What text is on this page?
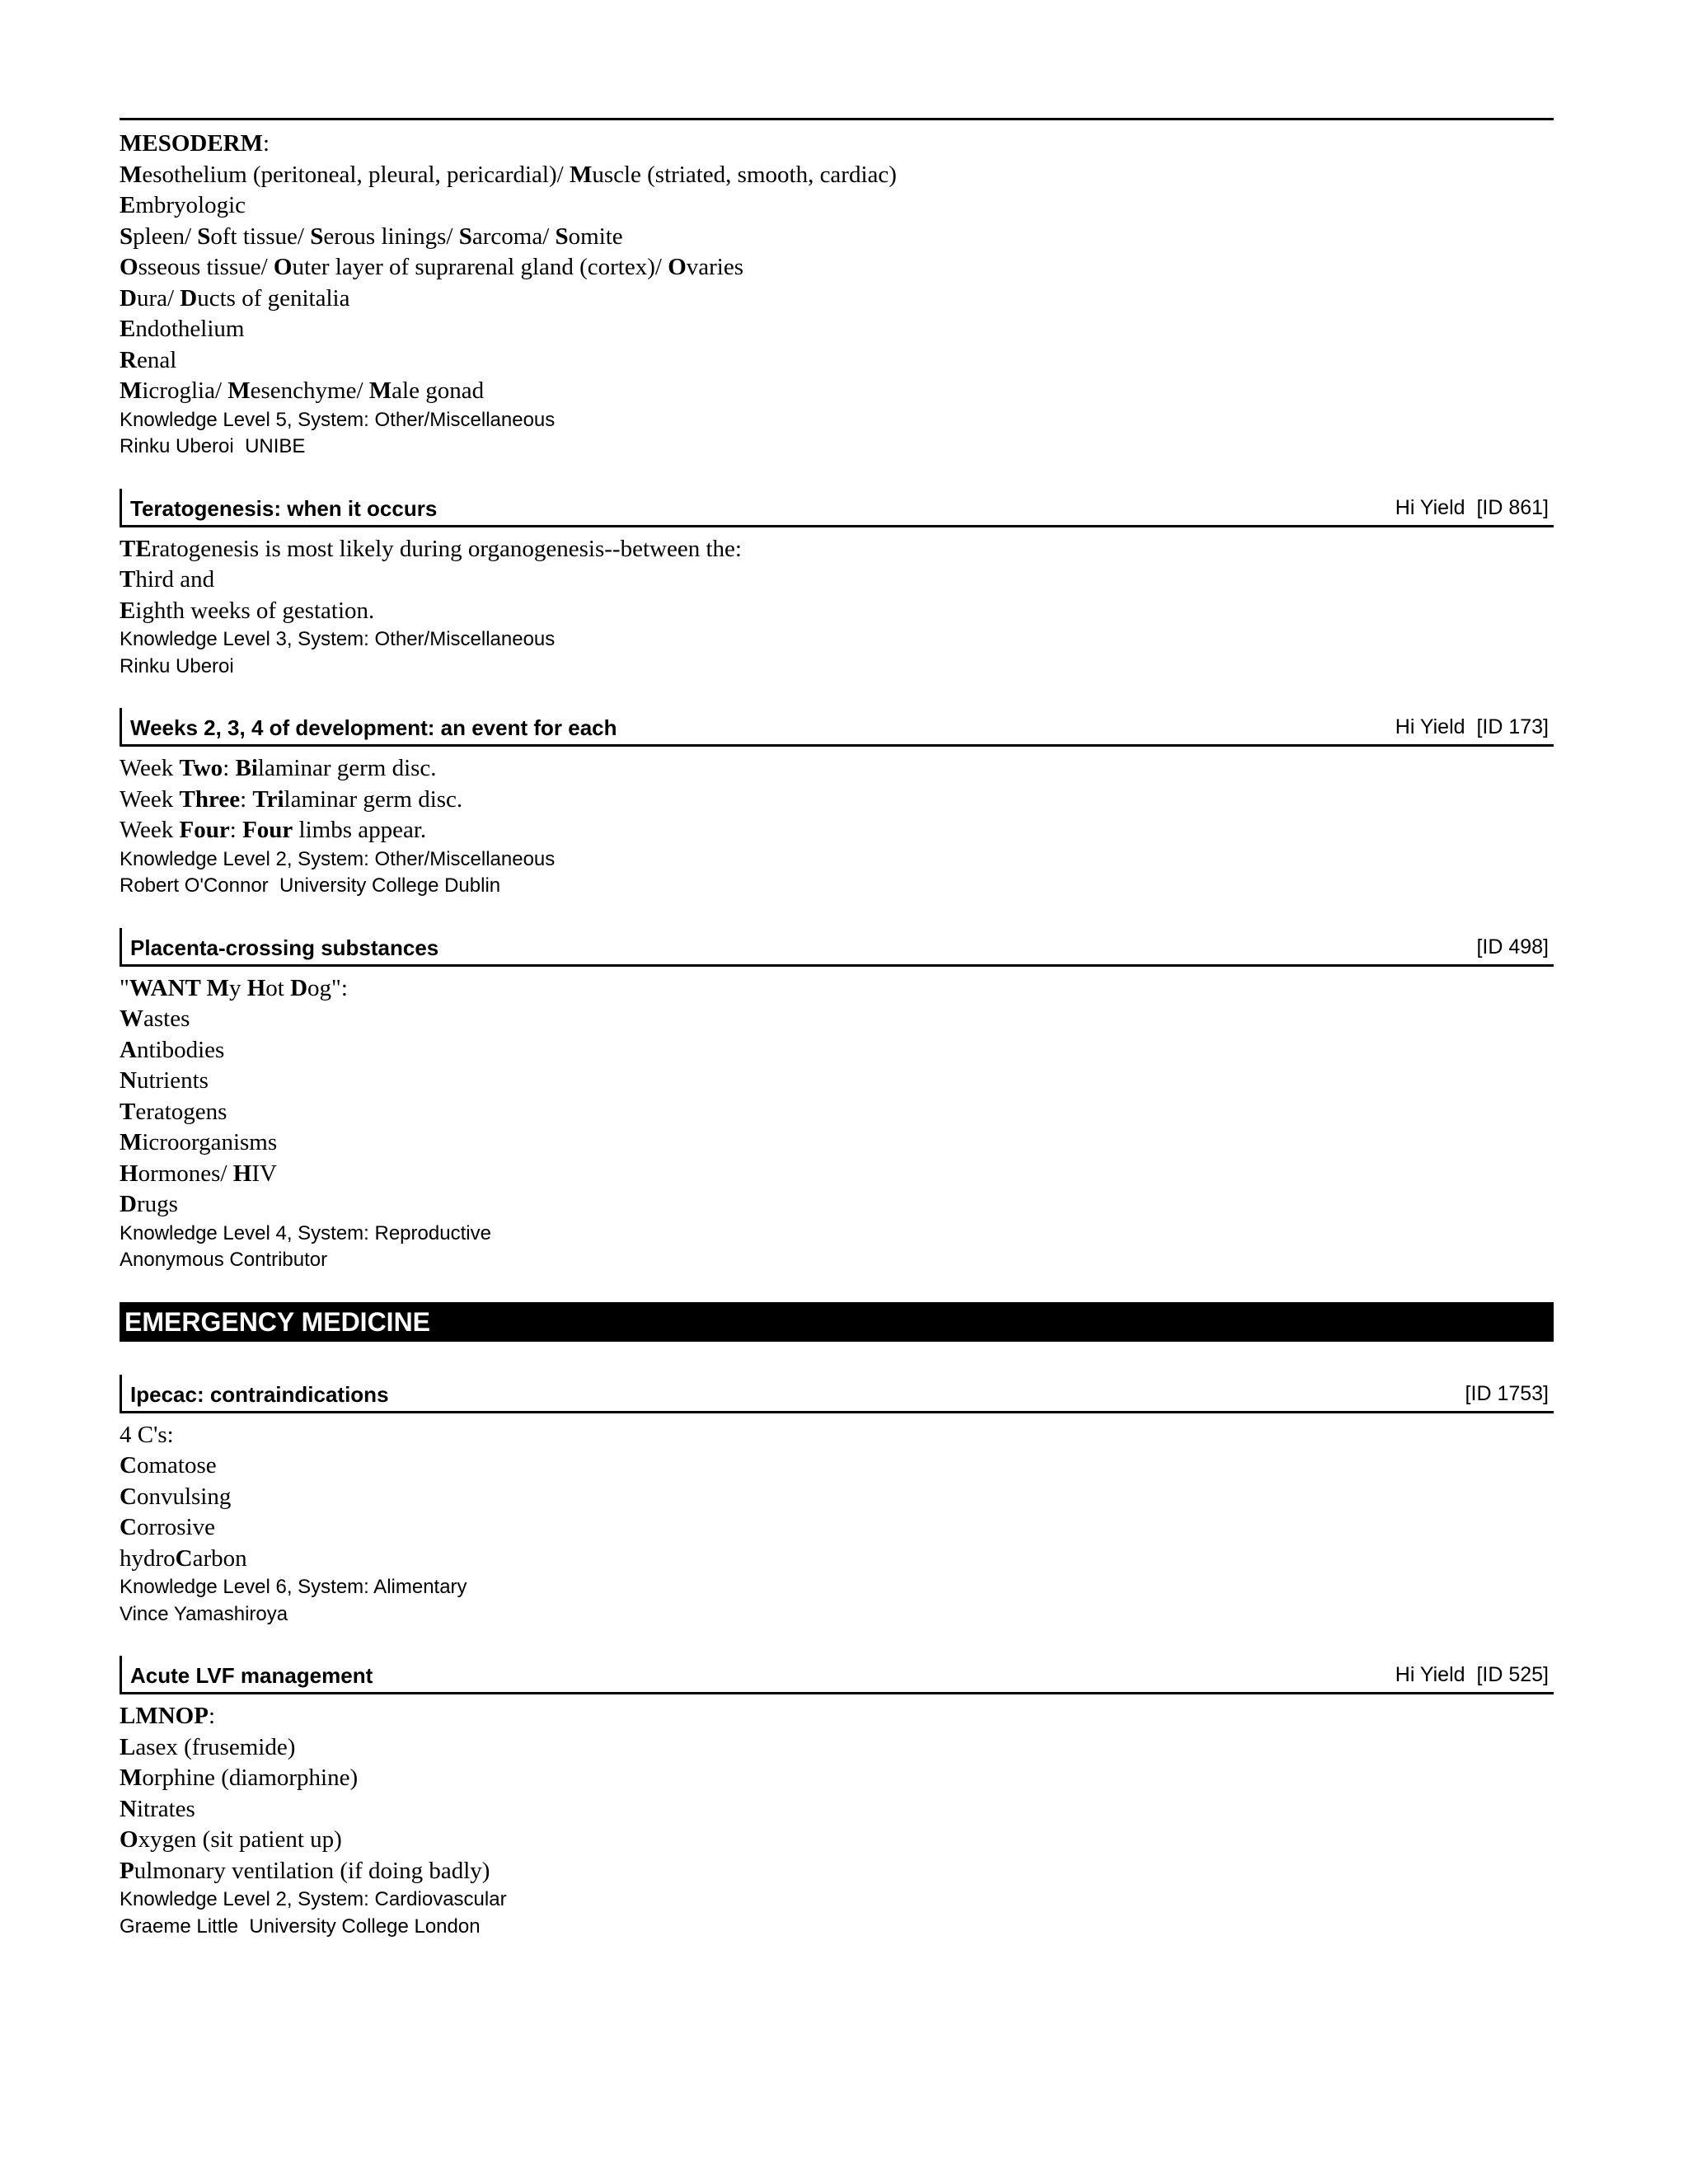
MESODERM:
Mesothelium (peritoneal, pleural, pericardial)/ Muscle (striated, smooth, cardiac)
Embryologic
Spleen/ Soft tissue/ Serous linings/ Sarcoma/ Somite
Osseous tissue/ Outer layer of suprarenal gland (cortex)/ Ovaries
Dura/ Ducts of genitalia
Endothelium
Renal
Microglia/ Mesenchyme/ Male gonad
Knowledge Level 5, System: Other/Miscellaneous
Rinku Uberoi  UNIBE
Teratogenesis: when it occurs	Hi Yield  [ID 861]
TEratogenesis is most likely during organogenesis--between the:
Third and
Eighth weeks of gestation.
Knowledge Level 3, System: Other/Miscellaneous
Rinku Uberoi
Weeks 2, 3, 4 of development: an event for each	Hi Yield  [ID 173]
Week Two: Bilaminar germ disc.
Week Three: Trilaminar germ disc.
Week Four: Four limbs appear.
Knowledge Level 2, System: Other/Miscellaneous
Robert O'Connor  University College Dublin
Placenta-crossing substances	[ID 498]
"WANT My Hot Dog":
Wastes
Antibodies
Nutrients
Teratogens
Microorganisms
Hormones/ HIV
Drugs
Knowledge Level 4, System: Reproductive
Anonymous Contributor
EMERGENCY MEDICINE
Ipecac: contraindications	[ID 1753]
4 C's:
Comatose
Convulsing
Corrosive
hydroCarbon
Knowledge Level 6, System: Alimentary
Vince Yamashiroya
Acute LVF management	Hi Yield  [ID 525]
LMNOP:
Lasex (frusemide)
Morphine (diamorphine)
Nitrates
Oxygen (sit patient up)
Pulmonary ventilation (if doing badly)
Knowledge Level 2, System: Cardiovascular
Graeme Little  University College London
